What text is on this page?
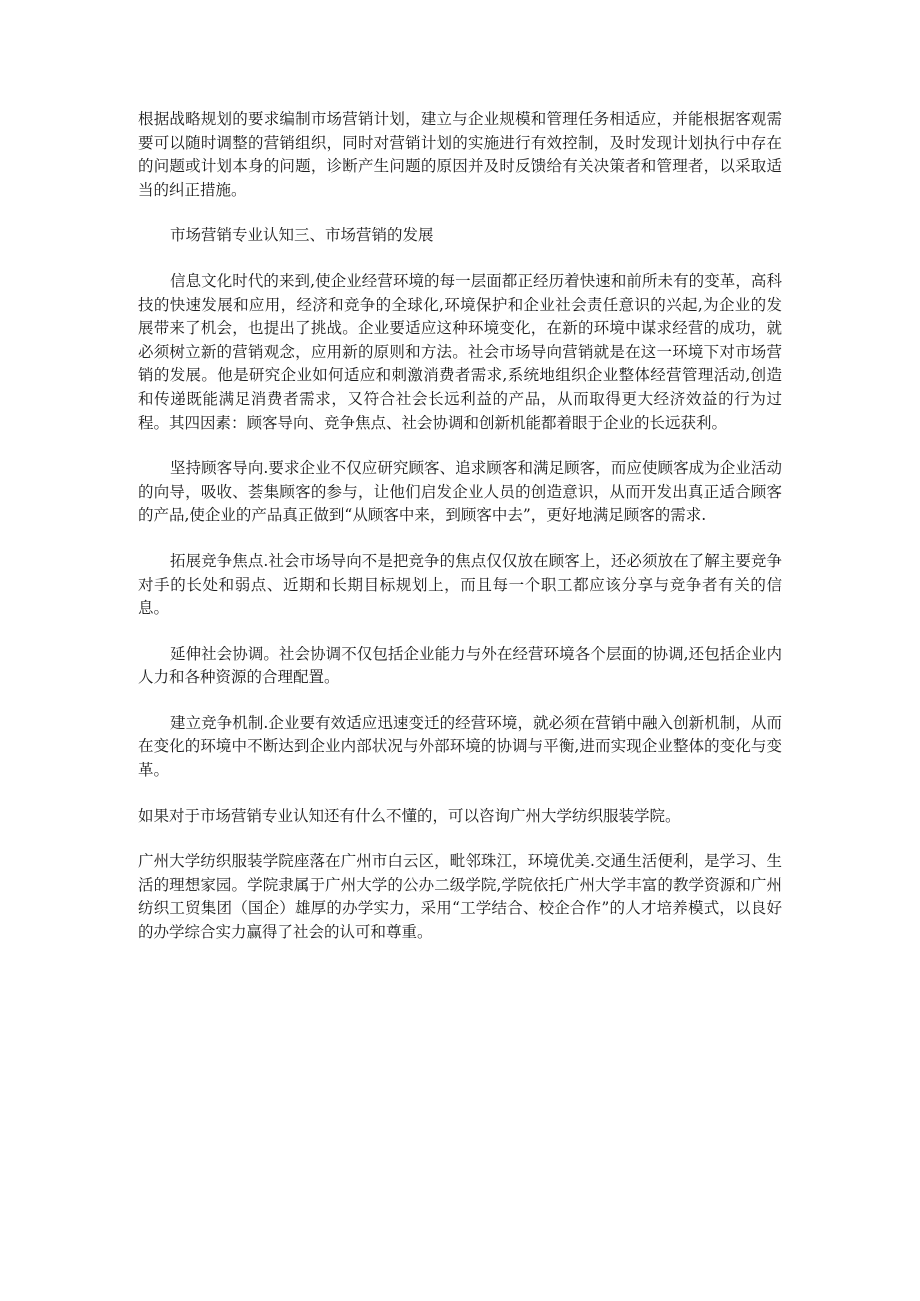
根据战略规划的要求编制市场营销计划，建立与企业规模和管理任务相适应，并能根据客观需要可以随时调整的营销组织，同时对营销计划的实施进行有效控制，及时发现计划执行中存在的问题或计划本身的问题，诊断产生问题的原因并及时反馈给有关决策者和管理者，以采取适当的纠正措施。

市场营销专业认知三、市场营销的发展

信息文化时代的来到,使企业经营环境的每一层面都正经历着快速和前所未有的变革，高科技的快速发展和应用，经济和竞争的全球化,环境保护和企业社会责任意识的兴起,为企业的发展带来了机会，也提出了挑战。企业要适应这种环境变化，在新的环境中谋求经营的成功，就必须树立新的营销观念，应用新的原则和方法。社会市场导向营销就是在这一环境下对市场营销的发展。他是研究企业如何适应和刺激消费者需求,系统地组织企业整体经营管理活动,创造和传递既能满足消费者需求，又符合社会长远利益的产品，从而取得更大经济效益的行为过程。其四因素：顾客导向、竞争焦点、社会协调和创新机能都着眼于企业的长远获利。

坚持顾客导向.要求企业不仅应研究顾客、追求顾客和满足顾客，而应使顾客成为企业活动的向导，吸收、荟集顾客的参与，让他们启发企业人员的创造意识，从而开发出真正适合顾客的产品,使企业的产品真正做到“从顾客中来，到顾客中去”，更好地满足顾客的需求.

拓展竞争焦点.社会市场导向不是把竞争的焦点仅仅放在顾客上，还必须放在了解主要竞争对手的长处和弱点、近期和长期目标规划上，而且每一个职工都应该分享与竞争者有关的信息。

延伸社会协调。社会协调不仅包括企业能力与外在经营环境各个层面的协调,还包括企业内人力和各种资源的合理配置。

建立竞争机制.企业要有效适应迅速变迁的经营环境，就必须在营销中融入创新机制，从而在变化的环境中不断达到企业内部状况与外部环境的协调与平衡,进而实现企业整体的变化与变革。

如果对于市场营销专业认知还有什么不懂的，可以咨询广州大学纺织服装学院。

广州大学纺织服装学院座落在广州市白云区，毗邻珠江，环境优美.交通生活便利，是学习、生活的理想家园。学院隶属于广州大学的公办二级学院,学院依托广州大学丰富的教学资源和广州纺织工贸集团（国企）雄厚的办学实力，采用“工学结合、校企合作”的人才培养模式，以良好的办学综合实力赢得了社会的认可和尊重。
